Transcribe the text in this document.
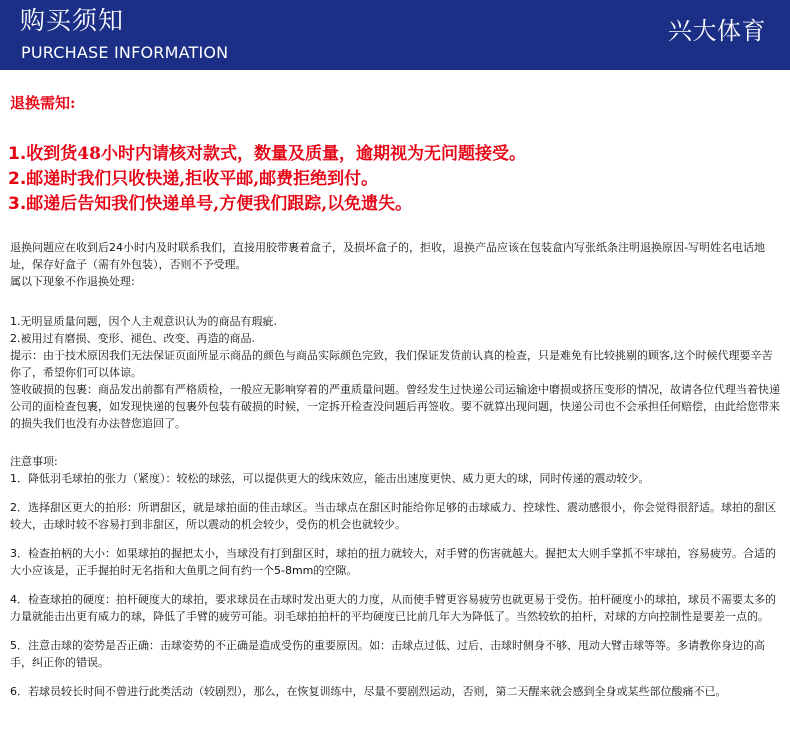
购买须知
PURCHASE INFORMATION
兴大体育
退换需知:
1.收到货48小时内请核对款式，数量及质量，逾期视为无问题接受。
2.邮递时我们只收快递,拒收平邮,邮费拒绝到付。
3.邮递后告知我们快递单号,方便我们跟踪,以免遗失。

退换问题应在收到后24小时内及时联系我们，直接用胶带裹着盒子，及损坏盒子的，拒收，退换产品应该在包装盒内写张纸条注明退换原因-写明姓名电话地址，保存好盒子（需有外包装），否则不予受理。

属以下现象不作退换处理:

1.无明显质量问题，因个人主观意识认为的商品有瑕疵.

2.被用过有磨损、变形、褪色、改变、再造的商品.

提示：由于技术原因我们无法保证页面所显示商品的颜色与商品实际颜色完致，我们保证发货前认真的检查，只是难免有比较挑剔的顾客,这个时候代理要辛苦你了，希望你们可以体谅。

签收破损的包裹：商品发出前都有严格质检，一般应无影响穿着的严重质量问题。曾经发生过快递公司运输途中磨损或挤压变形的情况，故请各位代理当着快递公司的面检查包裹，如发现快递的包裹外包装有破损的时候，一定拆开检查没问题后再签收。要不就算出现问题，快递公司也不会承担任何赔偿，由此给您带来的损失我们也没有办法替您追回了。

注意事项:

1．降低羽毛球拍的张力（紧度）：较松的球弦，可以提供更大的线床效应，能击出速度更快、威力更大的球，同时传递的震动较少。

2．选择甜区更大的拍形：所谓甜区，就是球拍面的佳击球区。当击球点在甜区时能给你足够的击球威力、控球性、震动感很小，你会觉得很舒适。球拍的甜区较大，击球时较不容易打到非甜区，所以震动的机会较少，受伤的机会也就较少。

3．检查拍柄的大小：如果球拍的握把太小，当球没有打到甜区时，球拍的扭力就较大，对手臂的伤害就越大。握把太大则手掌抓不牢球拍，容易疲劳。合适的大小应该是，正手握拍时无名指和大鱼肌之间有约一个5-8mm的空隙。

4．检查球拍的硬度：拍杆硬度大的球拍，要求球员在击球时发出更大的力度，从而使手臂更容易疲劳也就更易于受伤。拍杆硬度小的球拍，球员不需要太多的力量就能击出更有威力的球，降低了手臂的疲劳可能。羽毛球拍拍杆的平均硬度已比前几年大为降低了。当然较软的拍杆，对球的方向控制性是要差一点的。

5．注意击球的姿势是否正确：击球姿势的不正确是造成受伤的重要原因。如：击球点过低、过后、击球时侧身不够、甩动大臂击球等等。多请教你身边的高手，纠正你的错误。

6．若球员较长时间不曾进行此类活动（较剧烈），那么，在恢复训练中，尽量不要剧烈运动，否则，第二天醒来就会感到全身或某些部位酸痛不已。
